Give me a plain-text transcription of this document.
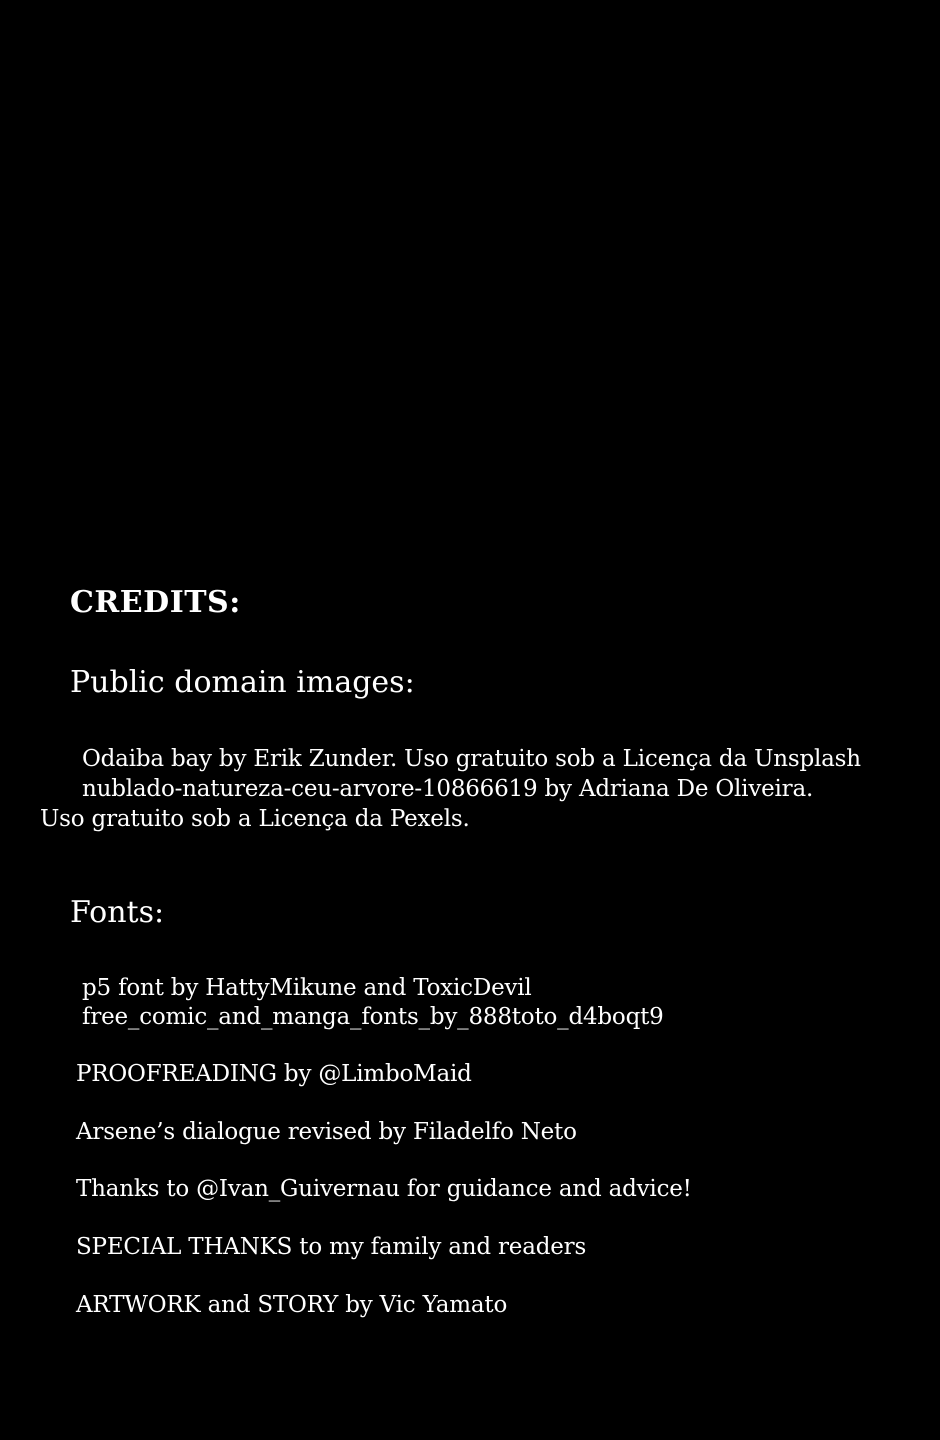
CREDITS:
Public domain images:

Odaiba bay by Erik Zunder. Uso gratuito sob a Licença da Unsplash

nublado-natureza-ceu-arvore-10866619 by Adriana De Oliveira. Uso gratuito sob a Licença da Pexels.

Fonts:

p5 font by HattyMikune and ToxicDevil

free_comic_and_manga_fonts_by_888toto_d4boqt9

PROOFREADING by @LimboMaid

Arsene’s dialogue revised by Filadelfo Neto

Thanks to @Ivan_Guivernau for guidance and advice!

SPECIAL THANKS to my family and readers

ARTWORK and STORY by Vic Yamato
